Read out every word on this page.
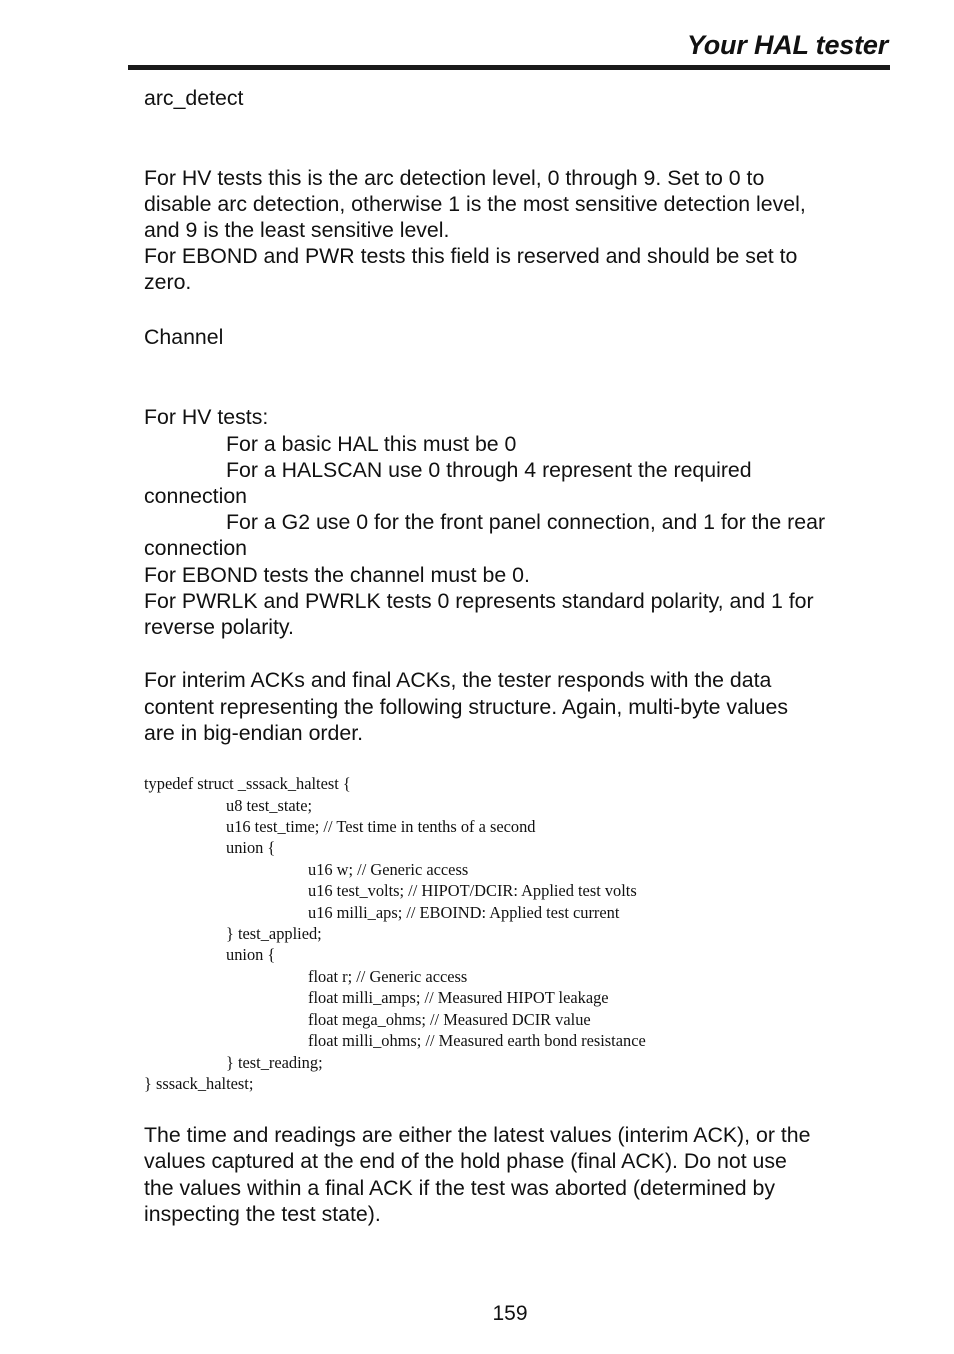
Your HAL tester
arc_detect
For HV tests this is the arc detection level, 0 through 9. Set to 0 to
disable arc detection, otherwise 1 is the most sensitive detection level,
and 9 is the least sensitive level.
For EBOND and PWR tests this field is reserved and should be set to
zero.
Channel
For HV tests:
For a basic HAL this must be 0
For a HALSCAN use 0 through 4 represent the required
connection
For a G2 use 0 for the front panel connection, and 1 for the rear
connection
For EBOND tests the channel must be 0.
For PWRLK and PWRLK tests 0 represents standard polarity, and 1 for
reverse polarity.
For interim ACKs and final ACKs, the tester responds with the data
content representing the following structure. Again, multi-byte values
are in big-endian order.
typedef struct _sssack_haltest {
u8 test_state;
u16 test_time; // Test time in tenths of a second
union {
u16 w; // Generic access
u16 test_volts; // HIPOT/DCIR: Applied test volts
u16 milli_aps; // EBOIND: Applied test current
} test_applied;
union {
float r; // Generic access
float milli_amps; // Measured HIPOT leakage
float mega_ohms; // Measured DCIR value
float milli_ohms; // Measured earth bond resistance
} test_reading;
} sssack_haltest;
The time and readings are either the latest values (interim ACK), or the
values captured at the end of the hold phase (final ACK). Do not use
the values within a final ACK if the test was aborted (determined by
inspecting the test state).
159
